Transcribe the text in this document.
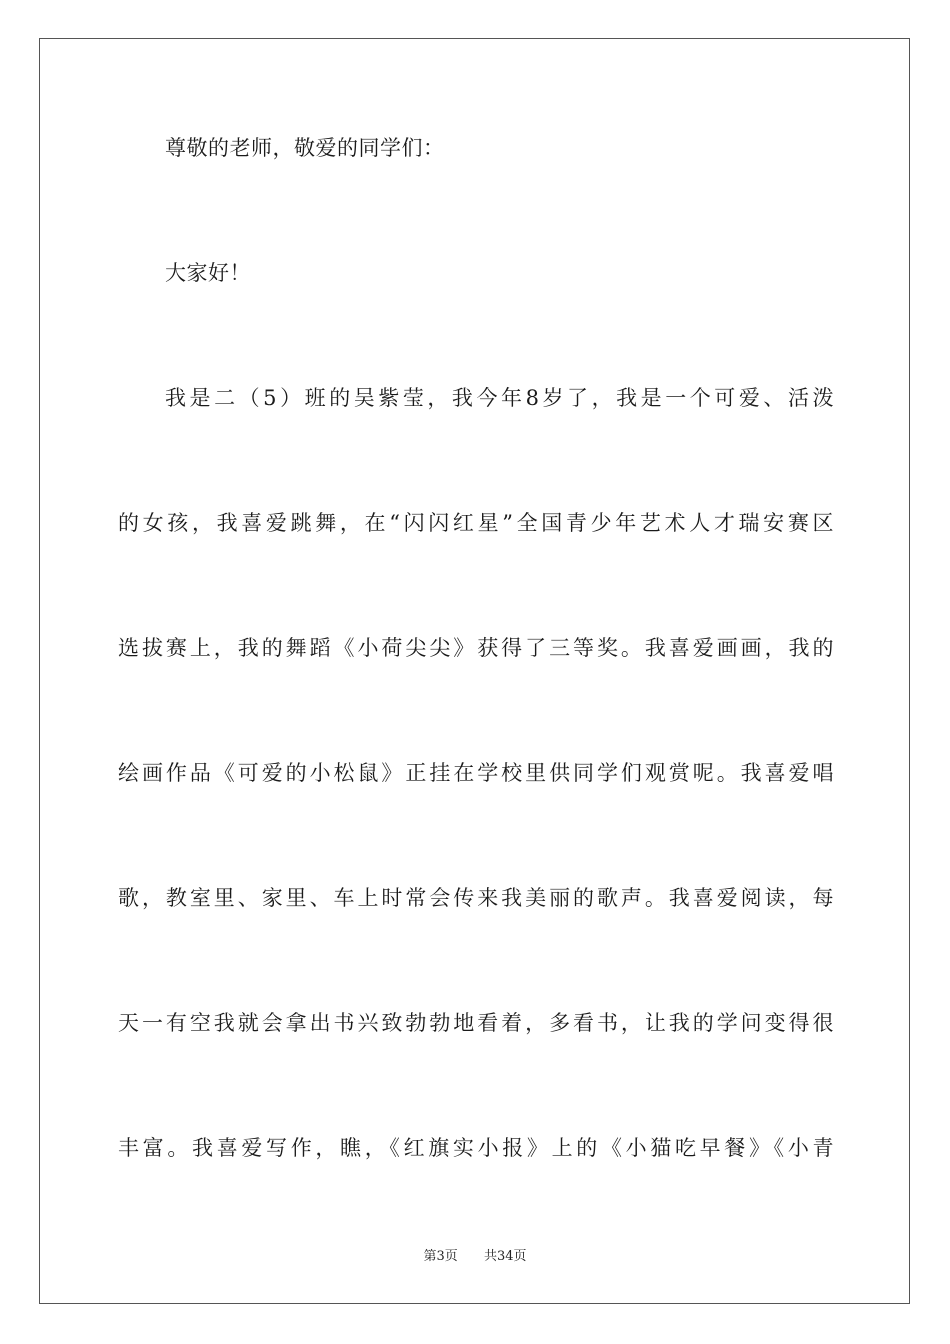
尊敬的老师，敬爱的同学们：
大家好！
我是二（5）班的吴紫莹，我今年8岁了，我是一个可爱、活泼
的女孩，我喜爱跳舞，在“闪闪红星”全国青少年艺术人才瑞安赛区
选拔赛上，我的舞蹈《小荷尖尖》获得了三等奖。我喜爱画画，我的
绘画作品《可爱的小松鼠》正挂在学校里供同学们观赏呢。我喜爱唱
歌，教室里、家里、车上时常会传来我美丽的歌声。我喜爱阅读，每
天一有空我就会拿出书兴致勃勃地看着，多看书，让我的学问变得很
丰富。我喜爱写作，瞧，《红旗实小报》上的《小猫吃早餐》《小青
第3页 共34页
